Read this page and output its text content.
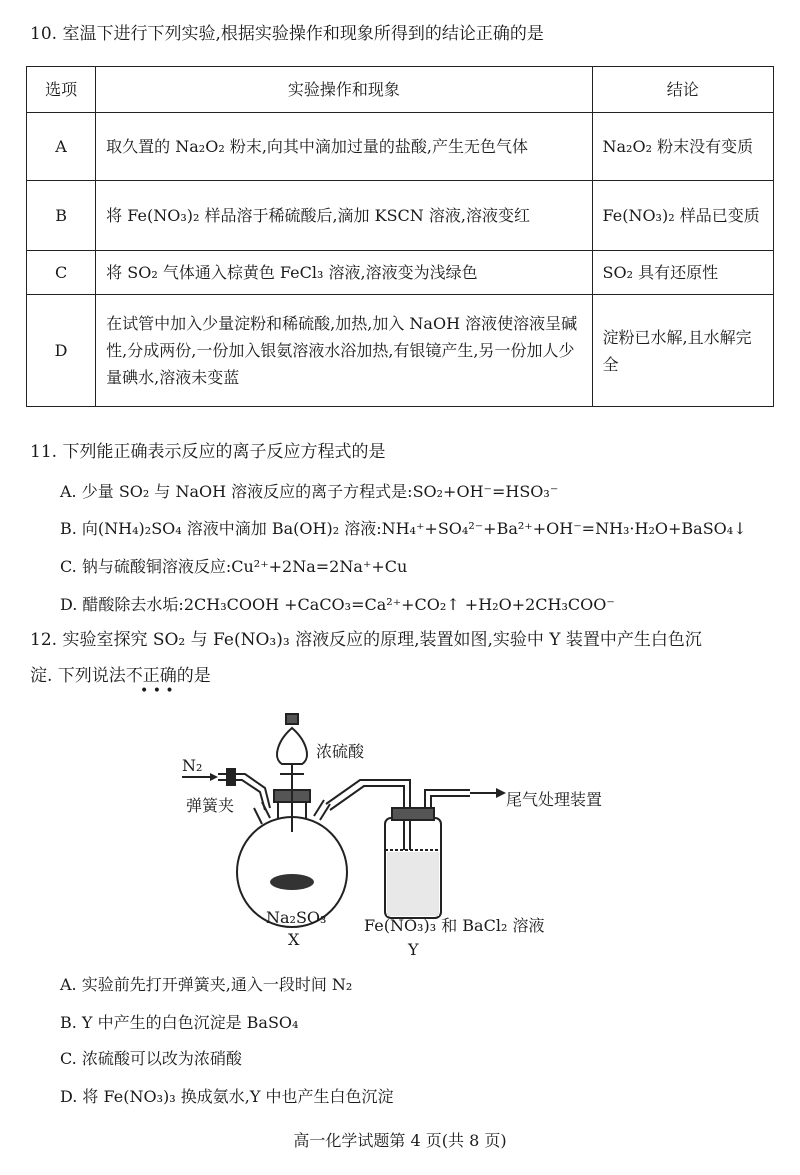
10. 室温下进行下列实验,根据实验操作和现象所得到的结论正确的是
选项	实验操作和现象	结论
A	取久置的 Na₂O₂ 粉末,向其中滴加过量的盐酸,产生无色气体	Na₂O₂ 粉末没有变质
B	将 Fe(NO₃)₂ 样品溶于稀硫酸后,滴加 KSCN 溶液,溶液变红	Fe(NO₃)₂ 样品已变质
C	将 SO₂ 气体通入棕黄色 FeCl₃ 溶液,溶液变为浅绿色	SO₂ 具有还原性
D	在试管中加入少量淀粉和稀硫酸,加热,加入 NaOH 溶液使溶液呈碱性,分成两份,一份加入银氨溶液水浴加热,有银镜产生,另一份加人少量碘水,溶液未变蓝	淀粉已水解,且水解完全
11. 下列能正确表示反应的离子反应方程式的是
A. 少量 SO₂ 与 NaOH 溶液反应的离子方程式是:SO₂+OH⁻=HSO₃⁻
B. 向(NH₄)₂SO₄ 溶液中滴加 Ba(OH)₂ 溶液:NH₄⁺+SO₄²⁻+Ba²⁺+OH⁻=NH₃·H₂O+BaSO₄↓
C. 钠与硫酸铜溶液反应:Cu²⁺+2Na=2Na⁺+Cu
D. 醋酸除去水垢:2CH₃COOH +CaCO₃=Ca²⁺+CO₂↑ +H₂O+2CH₃COO⁻
12. 实验室探究 SO₂ 与 Fe(NO₃)₃ 溶液反应的原理,装置如图,实验中 Y 装置中产生白色沉
淀. 下列说法不正确的是
• • •
N₂
弹簧夹
浓硫酸
尾气处理装置
Na₂SO₃
X
Fe(NO₃)₃ 和 BaCl₂ 溶液
Y
A. 实验前先打开弹簧夹,通入一段时间 N₂
B. Y 中产生的白色沉淀是 BaSO₄
C. 浓硫酸可以改为浓硝酸
D. 将 Fe(NO₃)₃ 换成氨水,Y 中也产生白色沉淀
高一化学试题第 4 页(共 8 页)
